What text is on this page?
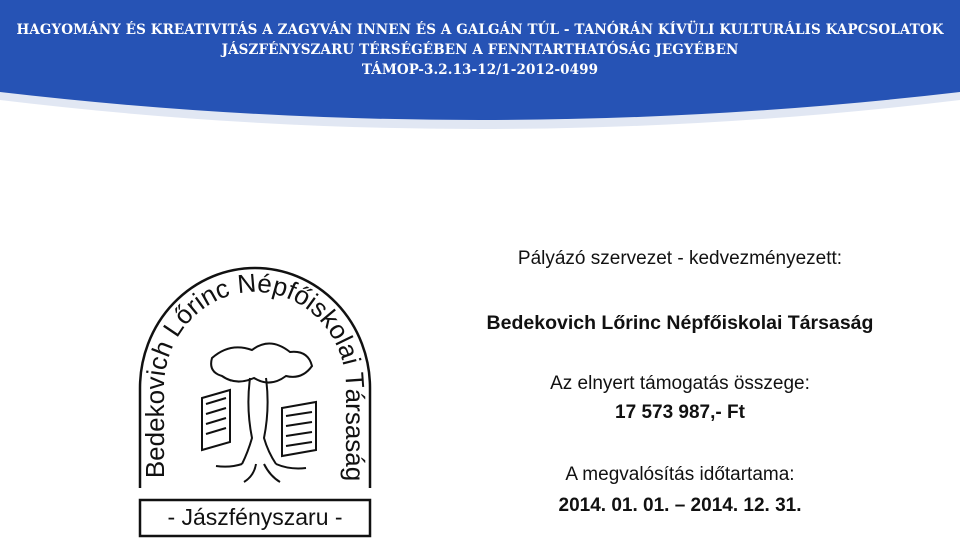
HAGYOMÁNY ÉS KREATIVITÁS A ZAGYVÁN INNEN ÉS A GALGÁN TÚL - TANÓRÁN KÍVÜLI KULTURÁLIS KAPCSOLATOK
JÁSZFÉNYSZARU TÉRSÉGÉBEN A FENNTARTHATÓSÁG JEGYÉBEN
TÁMOP-3.2.13-12/1-2012-0499
Bedekovich Lőrinc Népfőiskolai Társaság
- Jászfényszaru -
Pályázó szervezet - kedvezményezett:
Bedekovich Lőrinc Népfőiskolai Társaság
Az elnyert támogatás összege:
17 573 987,- Ft
A megvalósítás időtartama:
2014. 01. 01. – 2014. 12. 31.
